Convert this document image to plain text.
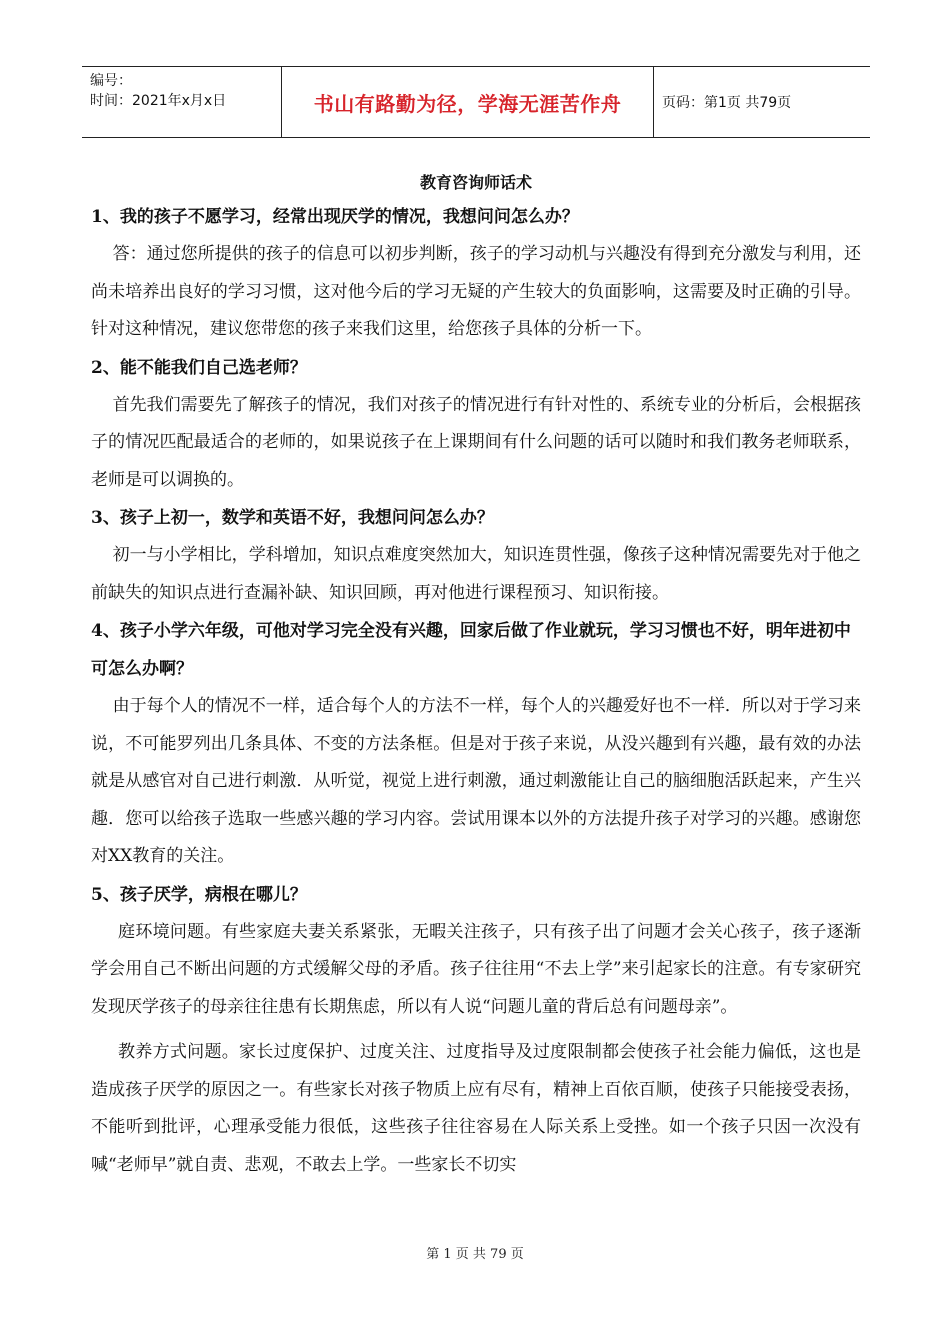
编号：
时间：2021年x月x日	书山有路勤为径，学海无涯苦作舟	页码：第1页 共79页
教育咨询师话术

1、我的孩子不愿学习，经常出现厌学的情况，我想问问怎么办？

答：通过您所提供的孩子的信息可以初步判断，孩子的学习动机与兴趣没有得到充分激发与利用，还尚未培养出良好的学习习惯，这对他今后的学习无疑的产生较大的负面影响，这需要及时正确的引导。针对这种情况，建议您带您的孩子来我们这里，给您孩子具体的分析一下。

2、能不能我们自己选老师？

首先我们需要先了解孩子的情况，我们对孩子的情况进行有针对性的、系统专业的分析后，会根据孩子的情况匹配最适合的老师的，如果说孩子在上课期间有什么问题的话可以随时和我们教务老师联系，老师是可以调换的。

3、孩子上初一，数学和英语不好，我想问问怎么办？

初一与小学相比，学科增加，知识点难度突然加大，知识连贯性强，像孩子这种情况需要先对于他之前缺失的知识点进行查漏补缺、知识回顾，再对他进行课程预习、知识衔接。

4、孩子小学六年级，可他对学习完全没有兴趣，回家后做了作业就玩，学习习惯也不好，明年进初中可怎么办啊？

由于每个人的情况不一样，适合每个人的方法不一样，每个人的兴趣爱好也不一样．所以对于学习来说，不可能罗列出几条具体、不变的方法条框。但是对于孩子来说，从没兴趣到有兴趣，最有效的办法就是从感官对自己进行刺激．从听觉，视觉上进行刺激，通过刺激能让自己的脑细胞活跃起来，产生兴趣．您可以给孩子选取一些感兴趣的学习内容。尝试用课本以外的方法提升孩子对学习的兴趣。感谢您对XX教育的关注。

5、孩子厌学，病根在哪儿？

庭环境问题。有些家庭夫妻关系紧张，无暇关注孩子，只有孩子出了问题才会关心孩子，孩子逐渐学会用自己不断出问题的方式缓解父母的矛盾。孩子往往用“不去上学”来引起家长的注意。有专家研究发现厌学孩子的母亲往往患有长期焦虑，所以有人说“问题儿童的背后总有问题母亲”。

教养方式问题。家长过度保护、过度关注、过度指导及过度限制都会使孩子社会能力偏低，这也是造成孩子厌学的原因之一。有些家长对孩子物质上应有尽有，精神上百依百顺，使孩子只能接受表扬，不能听到批评，心理承受能力很低，这些孩子往往容易在人际关系上受挫。如一个孩子只因一次没有喊“老师早”就自责、悲观，不敢去上学。一些家长不切实

第 1 页 共 79 页
